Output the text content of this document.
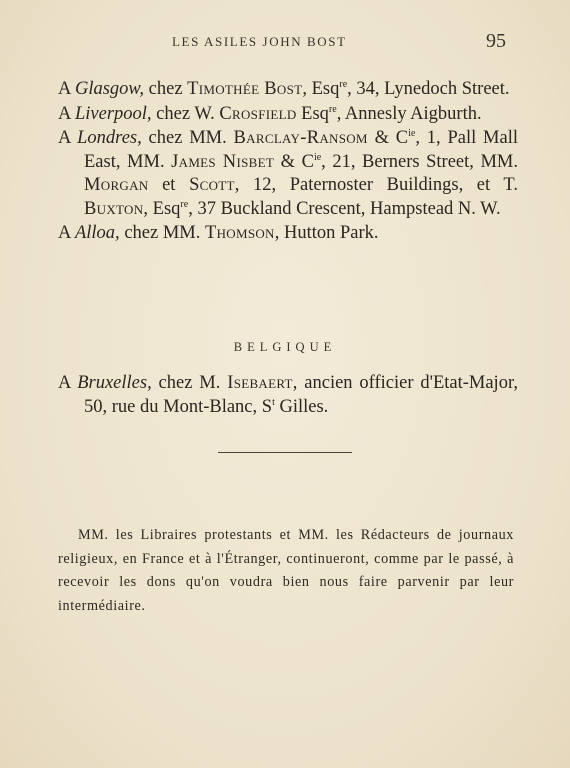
LES ASILES JOHN BOST	95

A Glasgow, chez Timothée Bost, Esq$^{re}$, 34, Lynedoch Street.

A Liverpool, chez W. Crosfield Esq$^{re}$, Annesly Aigburth.

A Londres, chez MM. Barclay-Ransom & $C^{ie}$, 1, Pall Mall East, MM. James Nisbet & $C^{ie}$, 21, Berners Street, MM. Morgan et Scott, 12, Paternoster Buildings, et T. Buxton, Esq$^{re}$, 37 Buckland Crescent, Hampstead N. W.

A Alloa, chez MM. Thomson, Hutton Park.

BELGIQUE

A Bruxelles, chez M. Isebaert, ancien officier d'Etat-Major, 50, rue du Mont-Blanc, $S^t$ Gilles.

MM. les Libraires protestants et MM. les Rédacteurs de journaux religieux, en France et à l'Étranger, continueront, comme par le passé, à recevoir les dons qu'on voudra bien nous faire parvenir par leur intermédiaire.
